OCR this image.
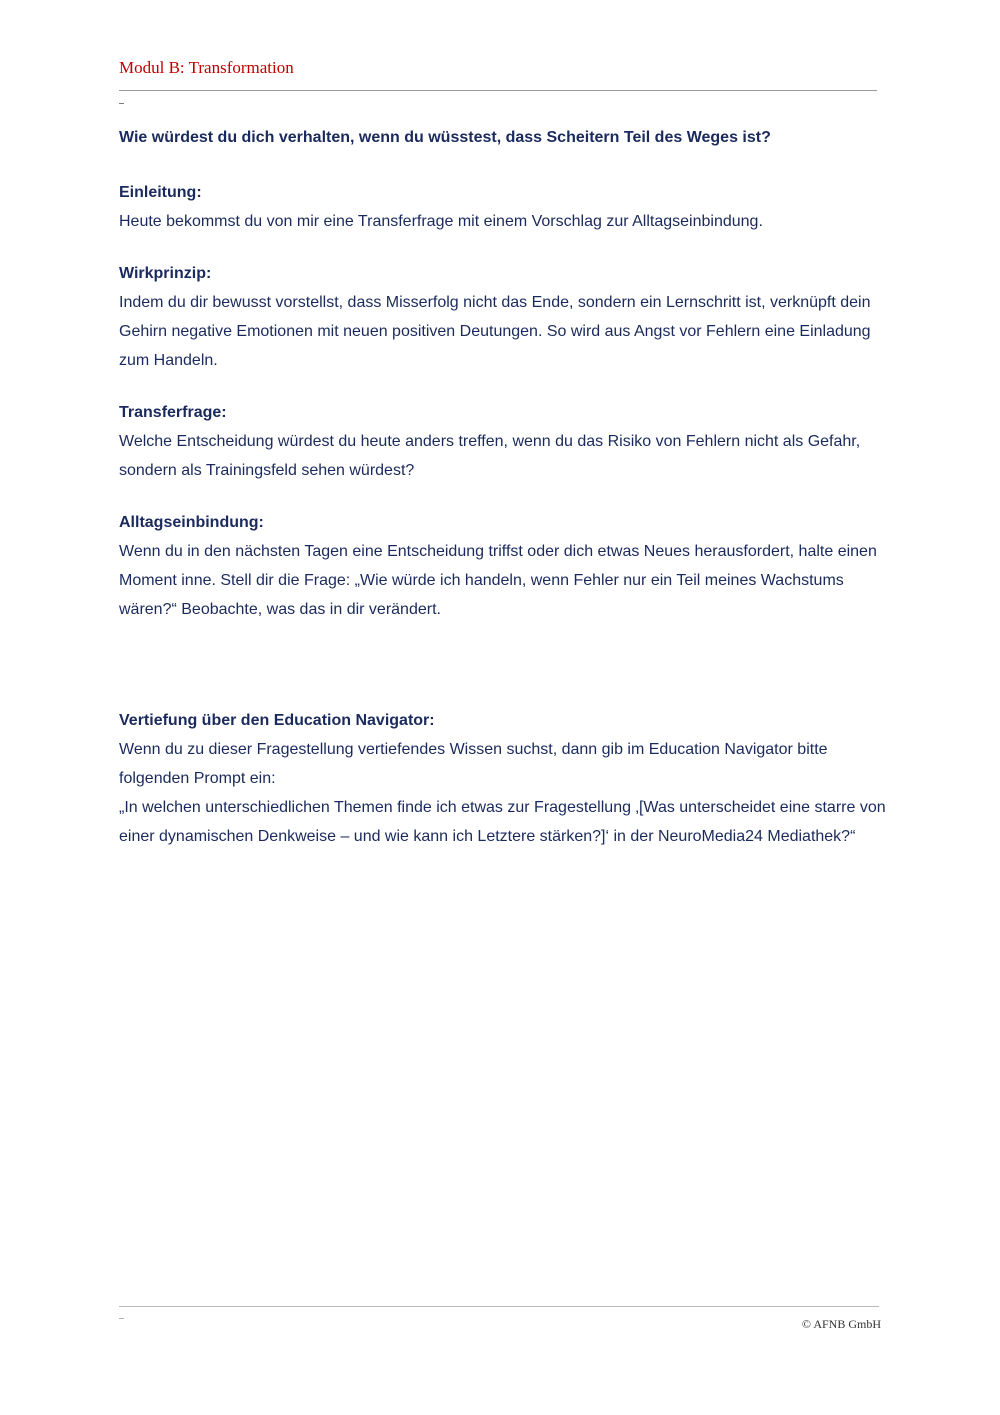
Modul B: Transformation
Wie würdest du dich verhalten, wenn du wüsstest, dass Scheitern Teil des Weges ist?
Einleitung:
Heute bekommst du von mir eine Transferfrage mit einem Vorschlag zur Alltagseinbindung.
Wirkprinzip:
Indem du dir bewusst vorstellst, dass Misserfolg nicht das Ende, sondern ein Lernschritt ist, verknüpft dein Gehirn negative Emotionen mit neuen positiven Deutungen. So wird aus Angst vor Fehlern eine Einladung zum Handeln.
Transferfrage:
Welche Entscheidung würdest du heute anders treffen, wenn du das Risiko von Fehlern nicht als Gefahr, sondern als Trainingsfeld sehen würdest?
Alltagseinbindung:
Wenn du in den nächsten Tagen eine Entscheidung triffst oder dich etwas Neues herausfordert, halte einen Moment inne. Stell dir die Frage: „Wie würde ich handeln, wenn Fehler nur ein Teil meines Wachstums wären?“ Beobachte, was das in dir verändert.
Vertiefung über den Education Navigator:
Wenn du zu dieser Fragestellung vertiefendes Wissen suchst, dann gib im Education Navigator bitte folgenden Prompt ein:
„In welchen unterschiedlichen Themen finde ich etwas zur Fragestellung ‚[Was unterscheidet eine starre von einer dynamischen Denkweise – und wie kann ich Letztere stärken?]‘ in der NeuroMedia24 Mediathek?“
© AFNB GmbH
